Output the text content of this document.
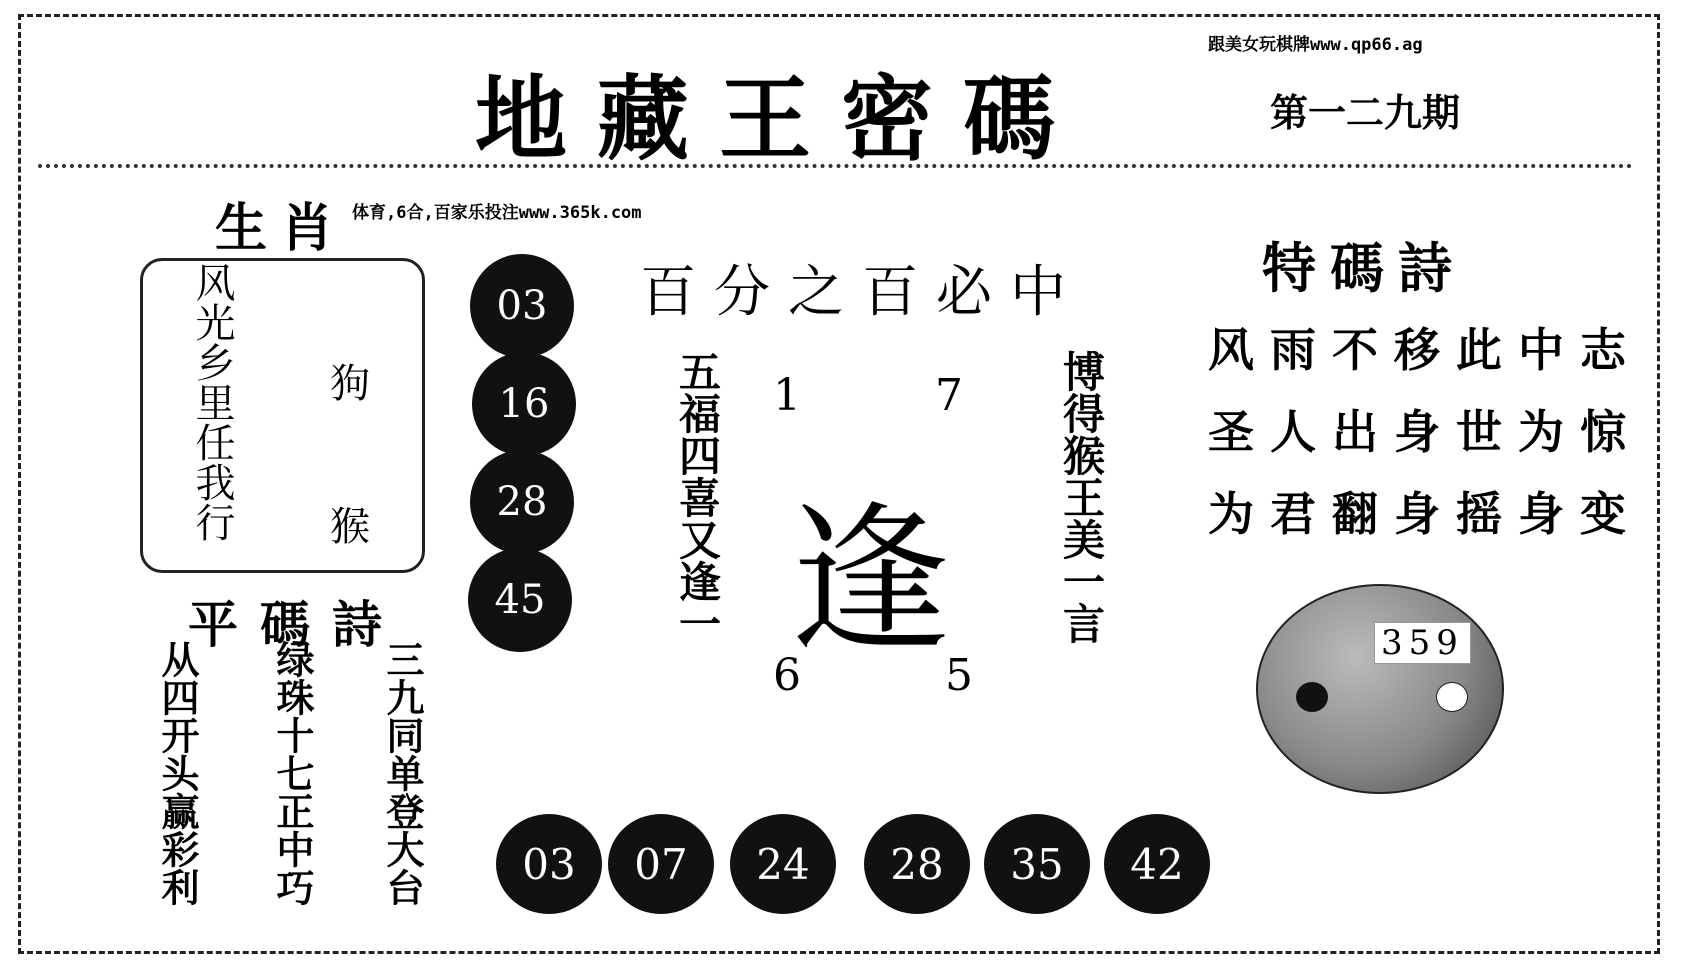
地藏王密碼	第一二九期
跟美女玩棋牌www.qp66.ag
生肖 体育,6合,百家乐投注www.365k.com
风光乡里任我行 狗
猴
平碼詩
从四开头赢彩利 绿珠十七正中巧 三九同单登大台
03
16
28
45
百分之百必中
五福四喜又逢一	博得猴王美一言
1	7
6	5
逢
03	07	24	28	35	42
特碼詩
风雨不移此中志
圣人出身世为惊
为君翻身摇身变
359
